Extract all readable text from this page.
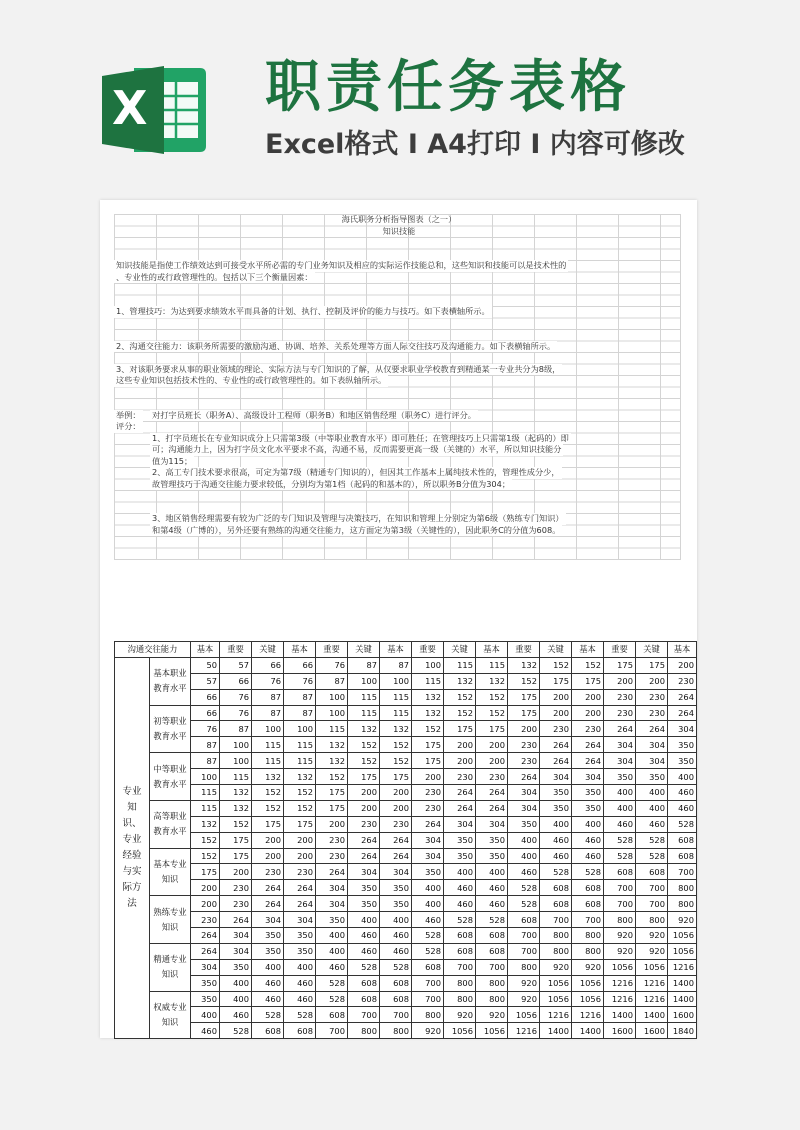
X 职责任务表格
Excel格式 I A4打印 I 内容可修改
海氏职务分析指导图表（之一）
知识技能
知识技能是指使工作绩效达到可接受水平所必需的专门业务知识及相应的实际运作技能总和，这些知识和技能可以是技术性的
、专业性的或行政管理性的。包括以下三个衡量因素：
1、管理技巧：为达到要求绩效水平而具备的计划、执行、控制及评价的能力与技巧。如下表横轴所示。
2、沟通交往能力：该职务所需要的激励沟通、协调、培养、关系处理等方面人际交往技巧及沟通能力。如下表横轴所示。
3、对该职务要求从事的职业领域的理论、实际方法与专门知识的了解，从仅要求职业学校教育到精通某一专业共分为8级，
这些专业知识包括技术性的、专业性的或行政管理性的。如下表纵轴所示。
举例： 对打字员班长（职务A）、高级设计工程师（职务B）和地区销售经理（职务C）进行评分。
评分：
1、打字员班长在专业知识成分上只需第3级（中等职业教育水平）即可胜任；在管理技巧上只需第1级（起码的）即
可；沟通能力上，因为打字员文化水平要求不高，沟通不易，反而需要更高一级（关键的）水平，所以知识技能分
值为115；
2、高工专门技术要求很高，可定为第7级（精通专门知识的），但因其工作基本上属纯技术性的，管理性成分少，
故管理技巧于沟通交往能力要求较低，分别均为第1档（起码的和基本的），所以职务B分值为304；
3、地区销售经理需要有较为广泛的专门知识及管理与决策技巧，在知识和管理上分别定为第6级（熟练专门知识）
和第4级（广博的），另外还要有熟练的沟通交往能力，这方面定为第3级（关键性的），因此职务C的分值为608。
沟通交往能力		基本	重要	关键	基本	重要	关键	基本	重要	关键	基本	重要	关键	基本	重要	关键	基本
专业知识、专业经验与实际方法	基本职业教育水平	50	57	66	66	76	87	87	100	115	115	132	152	152	175	175	200
		57	66	76	76	87	100	100	115	132	132	152	175	175	200	200	230
		66	76	87	87	100	115	115	132	152	152	175	200	200	230	230	264
	初等职业教育水平	66	76	87	87	100	115	115	132	152	152	175	200	200	230	230	264
		76	87	100	100	115	132	132	152	175	175	200	230	230	264	264	304
		87	100	115	115	132	152	152	175	200	200	230	264	264	304	304	350
	中等职业教育水平	87	100	115	115	132	152	152	175	200	200	230	264	264	304	304	350
		100	115	132	132	152	175	175	200	230	230	264	304	304	350	350	400
		115	132	152	152	175	200	200	230	264	264	304	350	350	400	400	460
	高等职业教育水平	115	132	152	152	175	200	200	230	264	264	304	350	350	400	400	460
		132	152	175	175	200	230	230	264	304	304	350	400	400	460	460	528
		152	175	200	200	230	264	264	304	350	350	400	460	460	528	528	608
	基本专业知识	152	175	200	200	230	264	264	304	350	350	400	460	460	528	528	608
		175	200	230	230	264	304	304	350	400	400	460	528	528	608	608	700
		200	230	264	264	304	350	350	400	460	460	528	608	608	700	700	800
	熟练专业知识	200	230	264	264	304	350	350	400	460	460	528	608	608	700	700	800
		230	264	304	304	350	400	400	460	528	528	608	700	700	800	800	920
		264	304	350	350	400	460	460	528	608	608	700	800	800	920	920	1056
	精通专业知识	264	304	350	350	400	460	460	528	608	608	700	800	800	920	920	1056
		304	350	400	400	460	528	528	608	700	700	800	920	920	1056	1056	1216
		350	400	460	460	528	608	608	700	800	800	920	1056	1056	1216	1216	1400
	权威专业知识	350	400	460	460	528	608	608	700	800	800	920	1056	1056	1216	1216	1400
		400	460	528	528	608	700	700	800	920	920	1056	1216	1216	1400	1400	1600
		460	528	608	608	700	800	800	920	1056	1056	1216	1400	1400	1600	1600	1840
